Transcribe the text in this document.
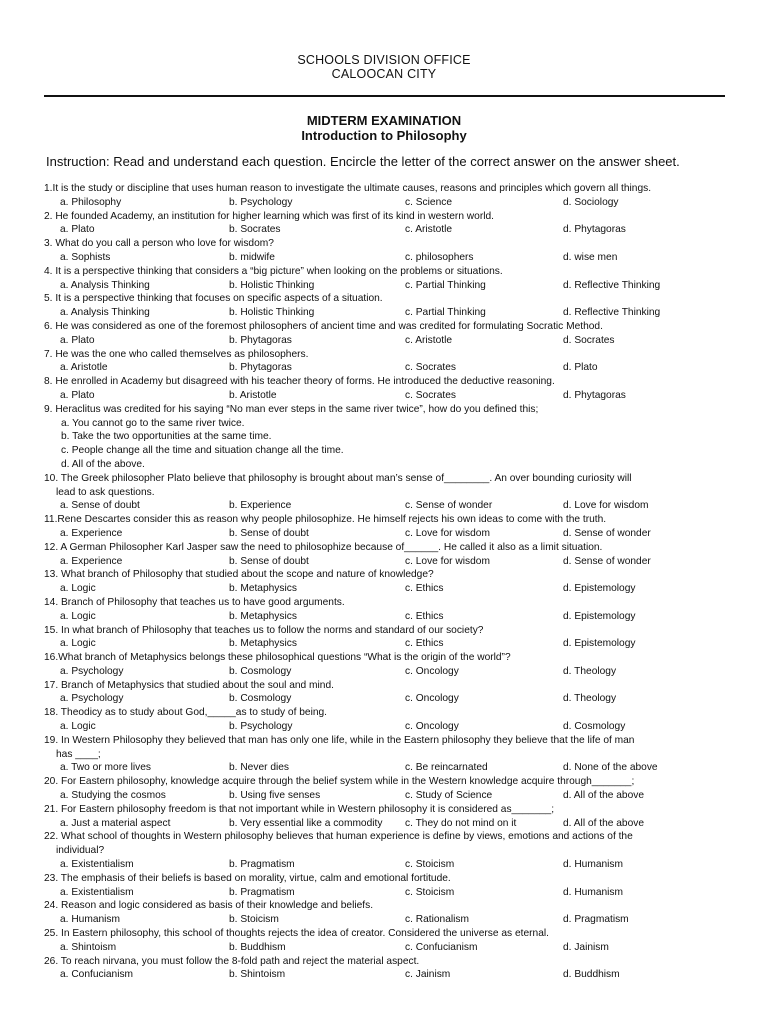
SCHOOLS DIVISION OFFICE
CALOOCAN CITY
MIDTERM EXAMINATION
Introduction to Philosophy
Instruction: Read and understand each question. Encircle the letter of the correct answer on the answer sheet.
1.It is the study or discipline that uses human reason to investigate the ultimate causes, reasons and principles which govern all things.
a. Philosophy	b. Psychology	c. Science	d. Sociology
2. He founded Academy, an institution for higher learning which was first of its kind in western world.
a. Plato	b. Socrates	c. Aristotle	d. Phytagoras
3. What do you call a person who love for wisdom?
a. Sophists	b. midwife	c. philosophers	d. wise men
4. It is a perspective thinking that considers a “big picture” when looking on the problems or situations.
a. Analysis Thinking	b. Holistic Thinking	c. Partial Thinking	d. Reflective Thinking
5. It is a perspective thinking that focuses on specific aspects of a situation.
a. Analysis Thinking	b. Holistic Thinking	c. Partial Thinking	d. Reflective Thinking
6. He was considered as one of the foremost philosophers of ancient time and was credited for formulating Socratic Method.
a. Plato	b. Phytagoras	c. Aristotle	d. Socrates
7. He was the one who called themselves as philosophers.
a. Aristotle	b. Phytagoras	c. Socrates	d. Plato
8. He enrolled in Academy but disagreed with his teacher theory of forms. He introduced the deductive reasoning.
a. Plato	b. Aristotle	c. Socrates	d. Phytagoras
9. Heraclitus was credited for his saying “No man ever steps in the same river twice”, how do you defined this;
a. You cannot go to the same river twice.
b. Take the two opportunities at the same time.
c. People change all the time and situation change all the time.
d. All of the above.
10. The Greek philosopher Plato believe that philosophy is brought about man’s sense of________. An over bounding curiosity will
lead to ask questions.
a. Sense of doubt	b. Experience	c. Sense of wonder	d. Love for wisdom
11.Rene Descartes consider this as reason why people philosophize. He himself rejects his own ideas to come with the truth.
a. Experience	b. Sense of doubt	c. Love for wisdom	d. Sense of wonder
12. A German Philosopher Karl Jasper saw the need to philosophize because of______. He called it also as a limit situation.
a. Experience	b. Sense of doubt	c. Love for wisdom	d. Sense of wonder
13. What branch of Philosophy that studied about the scope and nature of knowledge?
a. Logic	b. Metaphysics	c. Ethics	d. Epistemology
14. Branch of Philosophy that teaches us to have good arguments.
a. Logic	b. Metaphysics	c. Ethics	d. Epistemology
15. In what branch of Philosophy that teaches us to follow the norms and standard of our society?
a. Logic	b. Metaphysics	c. Ethics	d. Epistemology
16.What branch of Metaphysics belongs these philosophical questions “What is the origin of the world”?
a. Psychology	b. Cosmology	c. Oncology	d. Theology
17. Branch of Metaphysics that studied about the soul and mind.
a. Psychology	b. Cosmology	c. Oncology	d. Theology
18. Theodicy as to study about God,_____as to study of being.
a. Logic	b. Psychology	c. Oncology	d. Cosmology
19. In Western Philosophy they believed that man has only one life, while in the Eastern philosophy they believe that the life of man
has ____;
a. Two or more lives	b. Never dies	c. Be reincarnated	d. None of the above
20. For Eastern philosophy, knowledge acquire through the belief system while in the Western knowledge acquire through_______;
a. Studying the cosmos	b. Using five senses	c. Study of Science	d. All of the above
21. For Eastern philosophy freedom is that not important while in Western philosophy it is considered as_______;
a. Just a material aspect	b. Very essential like a commodity c. They do not mind on it	d. All of the above
22. What school of thoughts in Western philosophy believes that human experience is define by views, emotions and actions of the
individual?
a. Existentialism	b. Pragmatism	c. Stoicism	d. Humanism
23. The emphasis of their beliefs is based on morality, virtue, calm and emotional fortitude.
a. Existentialism	b. Pragmatism	c. Stoicism	d. Humanism
24. Reason and logic considered as basis of their knowledge and beliefs.
a. Humanism	b. Stoicism	c. Rationalism	d. Pragmatism
25. In Eastern philosophy, this school of thoughts rejects the idea of creator. Considered the universe as eternal.
a. Shintoism	b. Buddhism	c. Confucianism	d. Jainism
26. To reach nirvana, you must follow the 8-fold path and reject the material aspect.
a. Confucianism	b. Shintoism	c. Jainism	d. Buddhism
